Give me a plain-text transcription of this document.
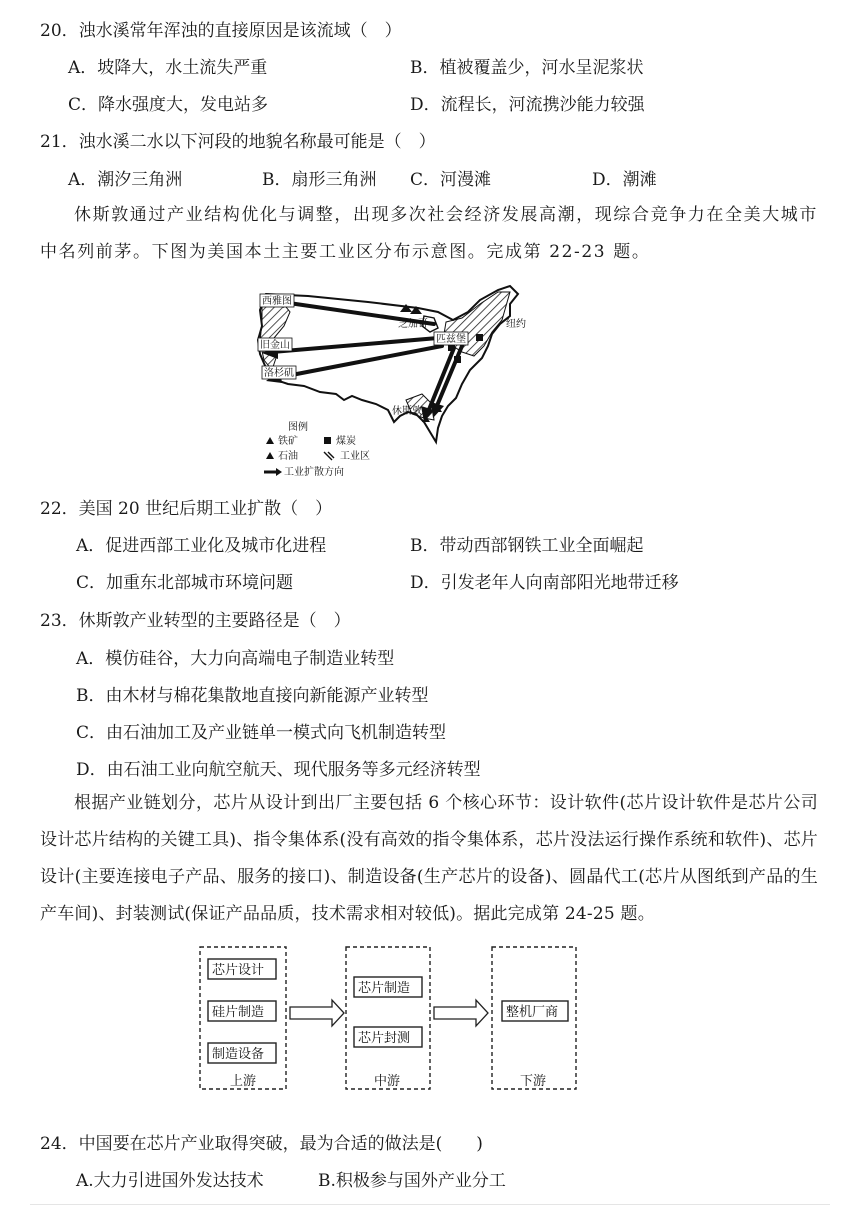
20．浊水溪常年浑浊的直接原因是该流域（　）
A．坡降大，水土流失严重	B．植被覆盖少，河水呈泥浆状
C．降水强度大，发电站多	D．流程长，河流携沙能力较强
21．浊水溪二水以下河段的地貌名称最可能是（　）
A．潮汐三角洲	B．扇形三角洲 C．河漫滩	D．潮滩
休斯敦通过产业结构优化与调整，出现多次社会经济发展高潮，现综合竞争力在全美大城市中名列前茅。下图为美国本土主要工业区分布示意图。完成第 22-23 题。
西雅图
芝加哥	纽约
旧金山
匹兹堡
洛杉矶
休斯敦
图例
铁矿	煤炭
石油	工业区
工业扩散方向
22．美国 20 世纪后期工业扩散（　）
A．促进西部工业化及城市化进程	B．带动西部钢铁工业全面崛起
C．加重东北部城市环境问题	D．引发老年人向南部阳光地带迁移
23．休斯敦产业转型的主要路径是（　）
A．模仿硅谷，大力向高端电子制造业转型
B．由木材与棉花集散地直接向新能源产业转型
C．由石油加工及产业链单一模式向飞机制造转型
D．由石油工业向航空航天、现代服务等多元经济转型
根据产业链划分，芯片从设计到出厂主要包括 6 个核心环节：设计软件(芯片设计软件是芯片公司设计芯片结构的关键工具)、指令集体系(没有高效的指令集体系，芯片没法运行操作系统和软件)、芯片设计(主要连接电子产品、服务的接口)、制造设备(生产芯片的设备)、圆晶代工(芯片从图纸到产品的生产车间)、封装测试(保证产品品质，技术需求相对较低)。据此完成第 24-25 题。
芯片设计
硅片制造
制造设备
上游
芯片制造
芯片封测
中游
整机厂商
下游
24．中国要在芯片产业取得突破，最为合适的做法是(　　)
A.大力引进国外发达技术	B.积极参与国外产业分工
